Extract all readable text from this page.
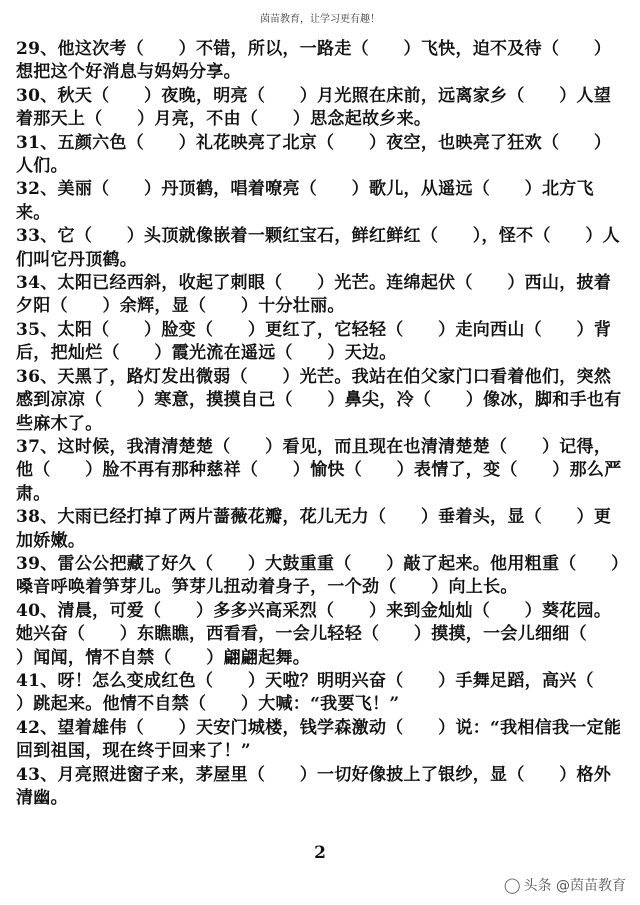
茵苗教育，让学习更有趣！
29、他这次考（　　）不错，所以，一路走（　　）飞快，迫不及待（　　）想把这个好消息与妈妈分享。
30、秋天（　　）夜晚，明亮（　　）月光照在床前，远离家乡（　　）人望着那天上（　　）月亮，不由（　　）思念起故乡来。
31、五颜六色（　　）礼花映亮了北京（　　）夜空，也映亮了狂欢（　　）人们。
32、美丽（　　）丹顶鹤，唱着嘹亮（　　）歌儿，从遥远（　　）北方飞来。
33、它（　　）头顶就像嵌着一颗红宝石，鲜红鲜红（　　），怪不（　　）人们叫它丹顶鹤。
34、太阳已经西斜，收起了刺眼（　　）光芒。连绵起伏（　　）西山，披着夕阳（　　）余辉，显（　　）十分壮丽。
35、太阳（　　）脸变（　　）更红了，它轻轻（　　）走向西山（　　）背后，把灿烂（　　）霞光流在遥远（　　）天边。
36、天黑了，路灯发出微弱（　　）光芒。我站在伯父家门口看着他们，突然感到凉凉（　　）寒意，摸摸自己（　　）鼻尖，冷（　　）像冰，脚和手也有些麻木了。
37、这时候，我清清楚楚（　　）看见，而且现在也清清楚楚（　　）记得，他（　　）脸不再有那种慈祥（　　）愉快（　　）表情了，变（　　）那么严肃。
38、大雨已经打掉了两片蔷薇花瓣，花儿无力（　　）垂着头，显（　　）更加娇嫩。
39、雷公公把藏了好久（　　）大鼓重重（　　）敲了起来。他用粗重（　　）嗓音呼唤着笋芽儿。笋芽儿扭动着身子，一个劲（　　）向上长。
40、清晨，可爱（　　）多多兴高采烈（　　）来到金灿灿（　　）葵花园。她兴奋（　　）东瞧瞧，西看看，一会儿轻轻（　　）摸摸，一会儿细细（　　）闻闻，情不自禁（　　）翩翩起舞。
41、呀！怎么变成红色（　　）天啦？明明兴奋（　　）手舞足蹈，高兴（　　）跳起来。他情不自禁（　　）大喊：“我要飞！”
42、望着雄伟（　　）天安门城楼，钱学森激动（　　）说：“我相信我一定能回到祖国，现在终于回来了！”
43、月亮照进窗子来，茅屋里（　　）一切好像披上了银纱，显（　　）格外清幽。
2
◯ 头条 @茵苗教育
